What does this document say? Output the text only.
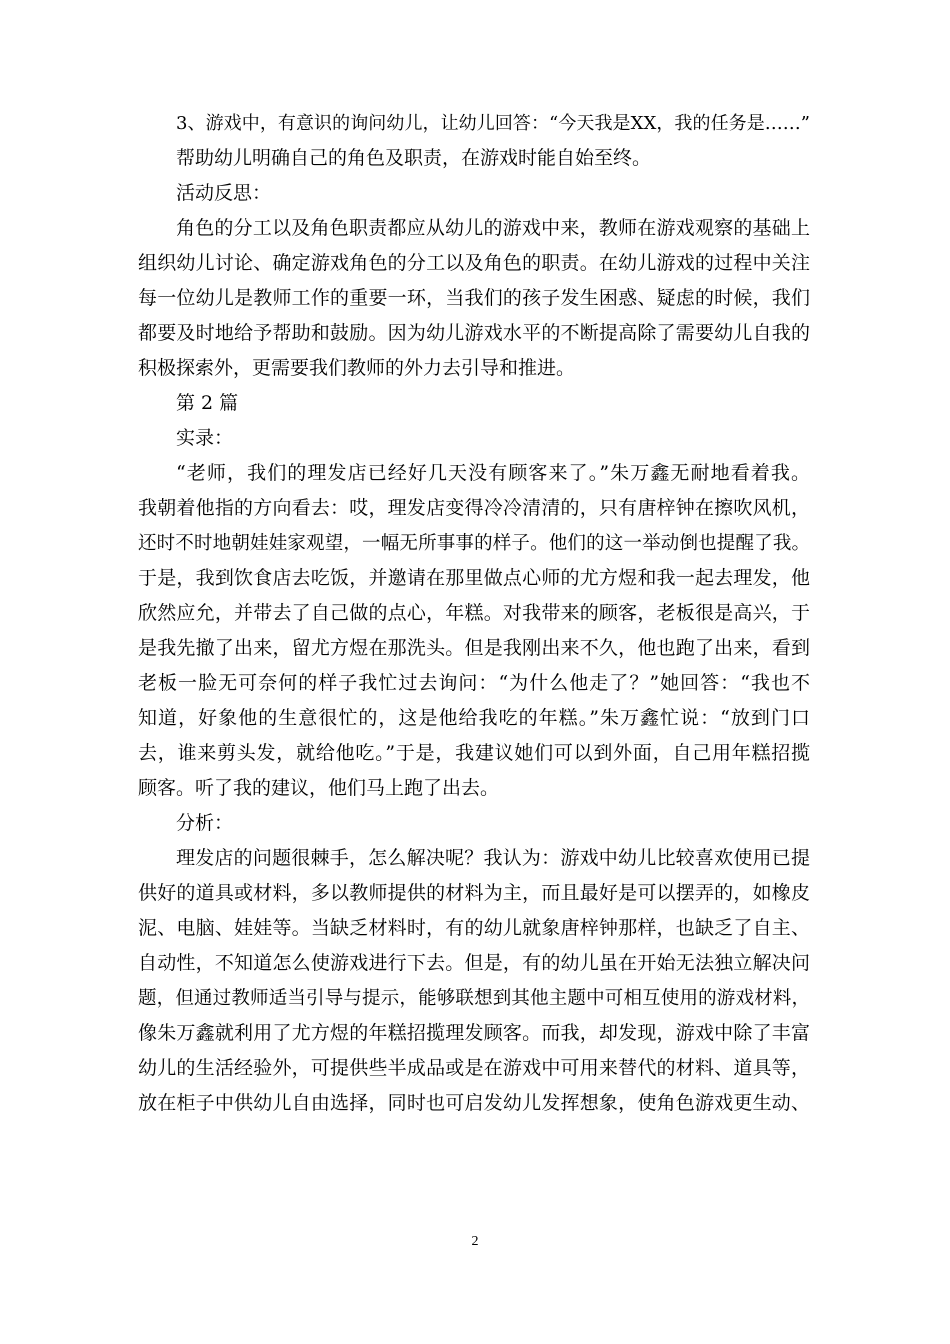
3、游戏中，有意识的询问幼儿，让幼儿回答：“今天我是XX，我的任务是……”
帮助幼儿明确自己的角色及职责，在游戏时能自始至终。
活动反思：
角色的分工以及角色职责都应从幼儿的游戏中来，教师在游戏观察的基础上
组织幼儿讨论、确定游戏角色的分工以及角色的职责。在幼儿游戏的过程中关注
每一位幼儿是教师工作的重要一环，当我们的孩子发生困惑、疑虑的时候，我们
都要及时地给予帮助和鼓励。因为幼儿游戏水平的不断提高除了需要幼儿自我的
积极探索外，更需要我们教师的外力去引导和推进。
第 2 篇
实录：
“老师，我们的理发店已经好几天没有顾客来了。”朱万鑫无耐地看着我。
我朝着他指的方向看去：哎，理发店变得冷冷清清的，只有唐梓钟在擦吹风机，
还时不时地朝娃娃家观望，一幅无所事事的样子。他们的这一举动倒也提醒了我。
于是，我到饮食店去吃饭，并邀请在那里做点心师的尤方煜和我一起去理发，他
欣然应允，并带去了自己做的点心，年糕。对我带来的顾客，老板很是高兴，于
是我先撤了出来，留尤方煜在那洗头。但是我刚出来不久，他也跑了出来，看到
老板一脸无可奈何的样子我忙过去询问：“为什么他走了？”她回答：“我也不
知道，好象他的生意很忙的，这是他给我吃的年糕。”朱万鑫忙说：“放到门口
去，谁来剪头发，就给他吃。”于是，我建议她们可以到外面，自己用年糕招揽
顾客。听了我的建议，他们马上跑了出去。
分析：
理发店的问题很棘手，怎么解决呢？我认为：游戏中幼儿比较喜欢使用已提
供好的道具或材料，多以教师提供的材料为主，而且最好是可以摆弄的，如橡皮
泥、电脑、娃娃等。当缺乏材料时，有的幼儿就象唐梓钟那样，也缺乏了自主、
自动性，不知道怎么使游戏进行下去。但是，有的幼儿虽在开始无法独立解决问
题，但通过教师适当引导与提示，能够联想到其他主题中可相互使用的游戏材料，
像朱万鑫就利用了尤方煜的年糕招揽理发顾客。而我，却发现，游戏中除了丰富
幼儿的生活经验外，可提供些半成品或是在游戏中可用来替代的材料、道具等，
放在柜子中供幼儿自由选择，同时也可启发幼儿发挥想象，使角色游戏更生动、
2
